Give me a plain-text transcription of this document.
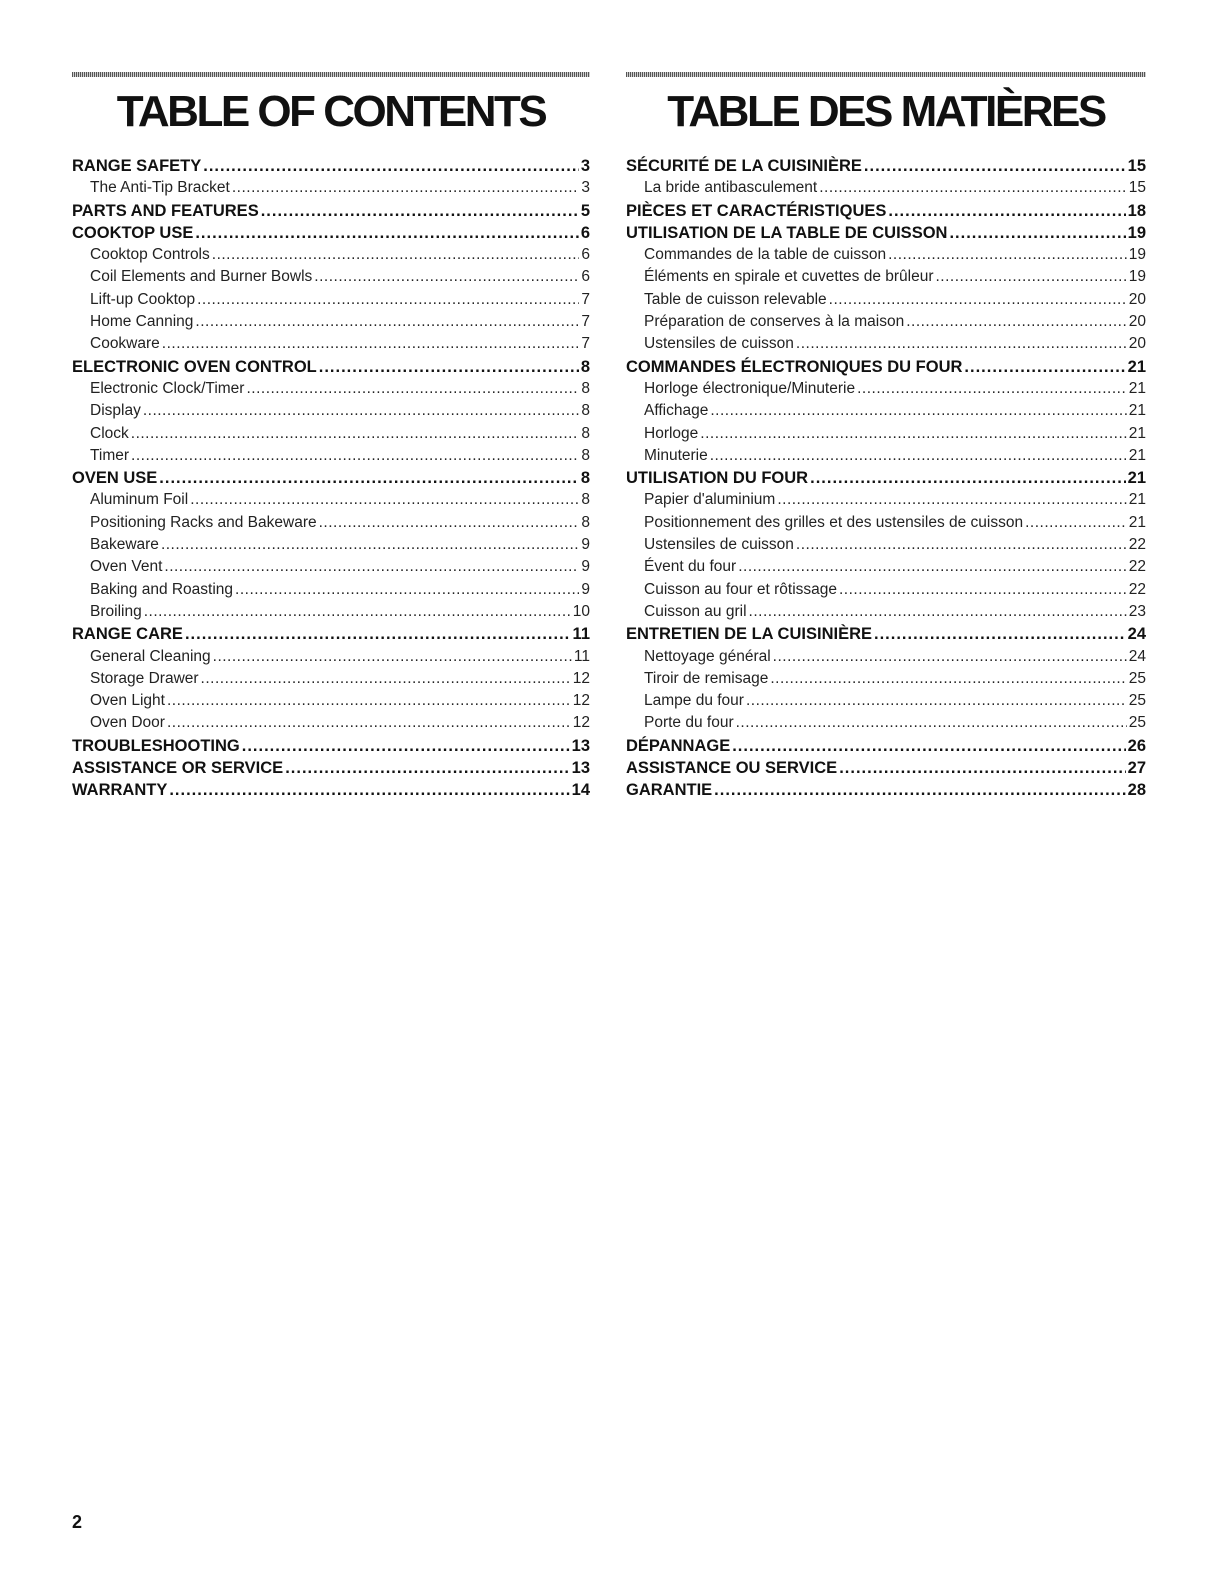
TABLE OF CONTENTS
RANGE SAFETY .....	3
The Anti-Tip Bracket .....	3
PARTS AND FEATURES .....	5
COOKTOP USE .....	6
Cooktop Controls .....	6
Coil Elements and Burner Bowls .....	6
Lift-up Cooktop .....	7
Home Canning .....	7
Cookware .....	7
ELECTRONIC OVEN CONTROL .....	8
Electronic Clock/Timer .....	8
Display .....	8
Clock .....	8
Timer .....	8
OVEN USE .....	8
Aluminum Foil .....	8
Positioning Racks and Bakeware .....	8
Bakeware .....	9
Oven Vent .....	9
Baking and Roasting .....	9
Broiling .....	10
RANGE CARE .....	11
General Cleaning .....	11
Storage Drawer .....	12
Oven Light .....	12
Oven Door .....	12
TROUBLESHOOTING .....	13
ASSISTANCE OR SERVICE .....	13
WARRANTY .....	14
TABLE DES MATIÈRES
SÉCURITÉ DE LA CUISINIÈRE .....	15
La bride antibasculement .....	15
PIÈCES ET CARACTÉRISTIQUES .....	18
UTILISATION DE LA TABLE DE CUISSON .....	19
Commandes de la table de cuisson .....	19
Éléments en spirale et cuvettes de brûleur .....	19
Table de cuisson relevable .....	20
Préparation de conserves à la maison .....	20
Ustensiles de cuisson .....	20
COMMANDES ÉLECTRONIQUES DU FOUR .....	21
Horloge électronique/Minuterie .....	21
Affichage .....	21
Horloge .....	21
Minuterie .....	21
UTILISATION DU FOUR .....	21
Papier d'aluminium .....	21
Positionnement des grilles et des ustensiles de cuisson .....	21
Ustensiles de cuisson .....	22
Évent du four .....	22
Cuisson au four et rôtissage .....	22
Cuisson au gril .....	23
ENTRETIEN DE LA CUISINIÈRE .....	24
Nettoyage général .....	24
Tiroir de remisage .....	25
Lampe du four .....	25
Porte du four .....	25
DÉPANNAGE .....	26
ASSISTANCE OU SERVICE .....	27
GARANTIE .....	28
2
